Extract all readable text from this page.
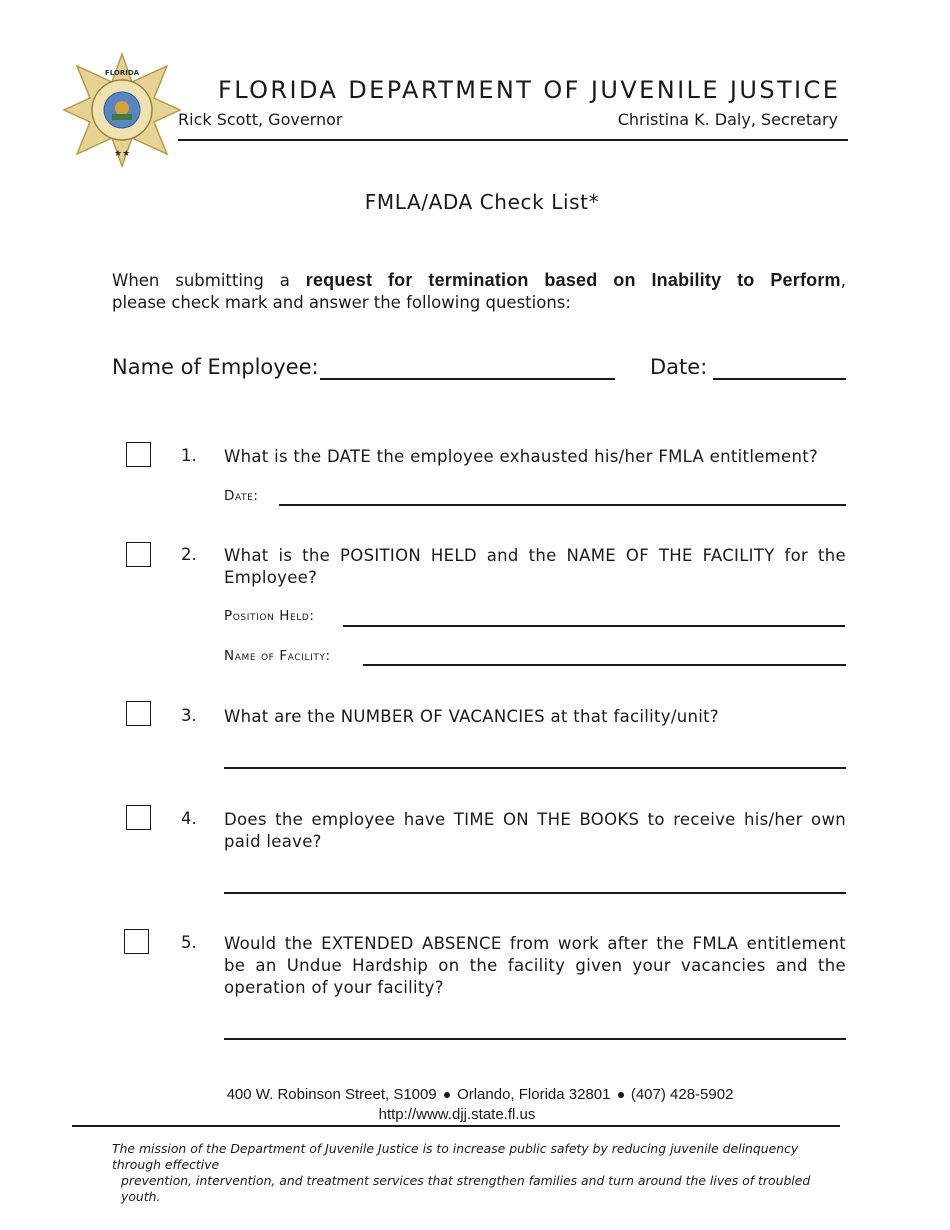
FLORIDA
★★
FLORIDA DEPARTMENT OF JUVENILE JUSTICE
Rick Scott, Governor	Christina K. Daly, Secretary
FMLA/ADA Check List*
When submitting a request for termination based on Inability to Perform,
please check mark and answer the following questions:
Name of Employee:	Date:
1. What is the DATE the employee exhausted his/her FMLA entitlement?
Date:
2. What is the POSITION HELD and the NAME OF THE FACILITY for the Employee?
Position Held:
Name of Facility:
3. What are the NUMBER OF VACANCIES at that facility/unit?
4. Does the employee have TIME ON THE BOOKS to receive his/her own paid leave?
5. Would the EXTENDED ABSENCE from work after the FMLA entitlement be an Undue Hardship on the facility given your vacancies and the operation of your facility?
400 W. Robinson Street, S1009 Orlando, Florida 32801 (407) 428-5902
http://www.djj.state.fl.us
The mission of the Department of Juvenile Justice is to increase public safety by reducing juvenile delinquency through effective
prevention, intervention, and treatment services that strengthen families and turn around the lives of troubled youth.
